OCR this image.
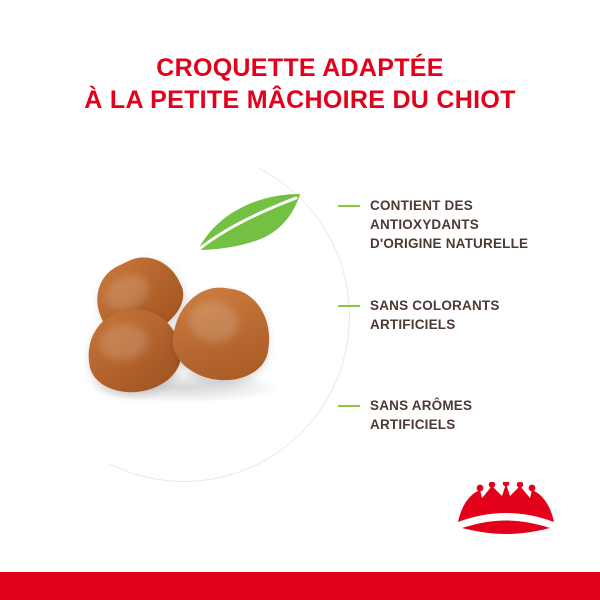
CROQUETTE ADAPTÉE
À LA PETITE MÂCHOIRE DU CHIOT
CONTIENT DES
ANTIOXYDANTS
D'ORIGINE NATURELLE
SANS COLORANTS
ARTIFICIELS
SANS ARÔMES
ARTIFICIELS
